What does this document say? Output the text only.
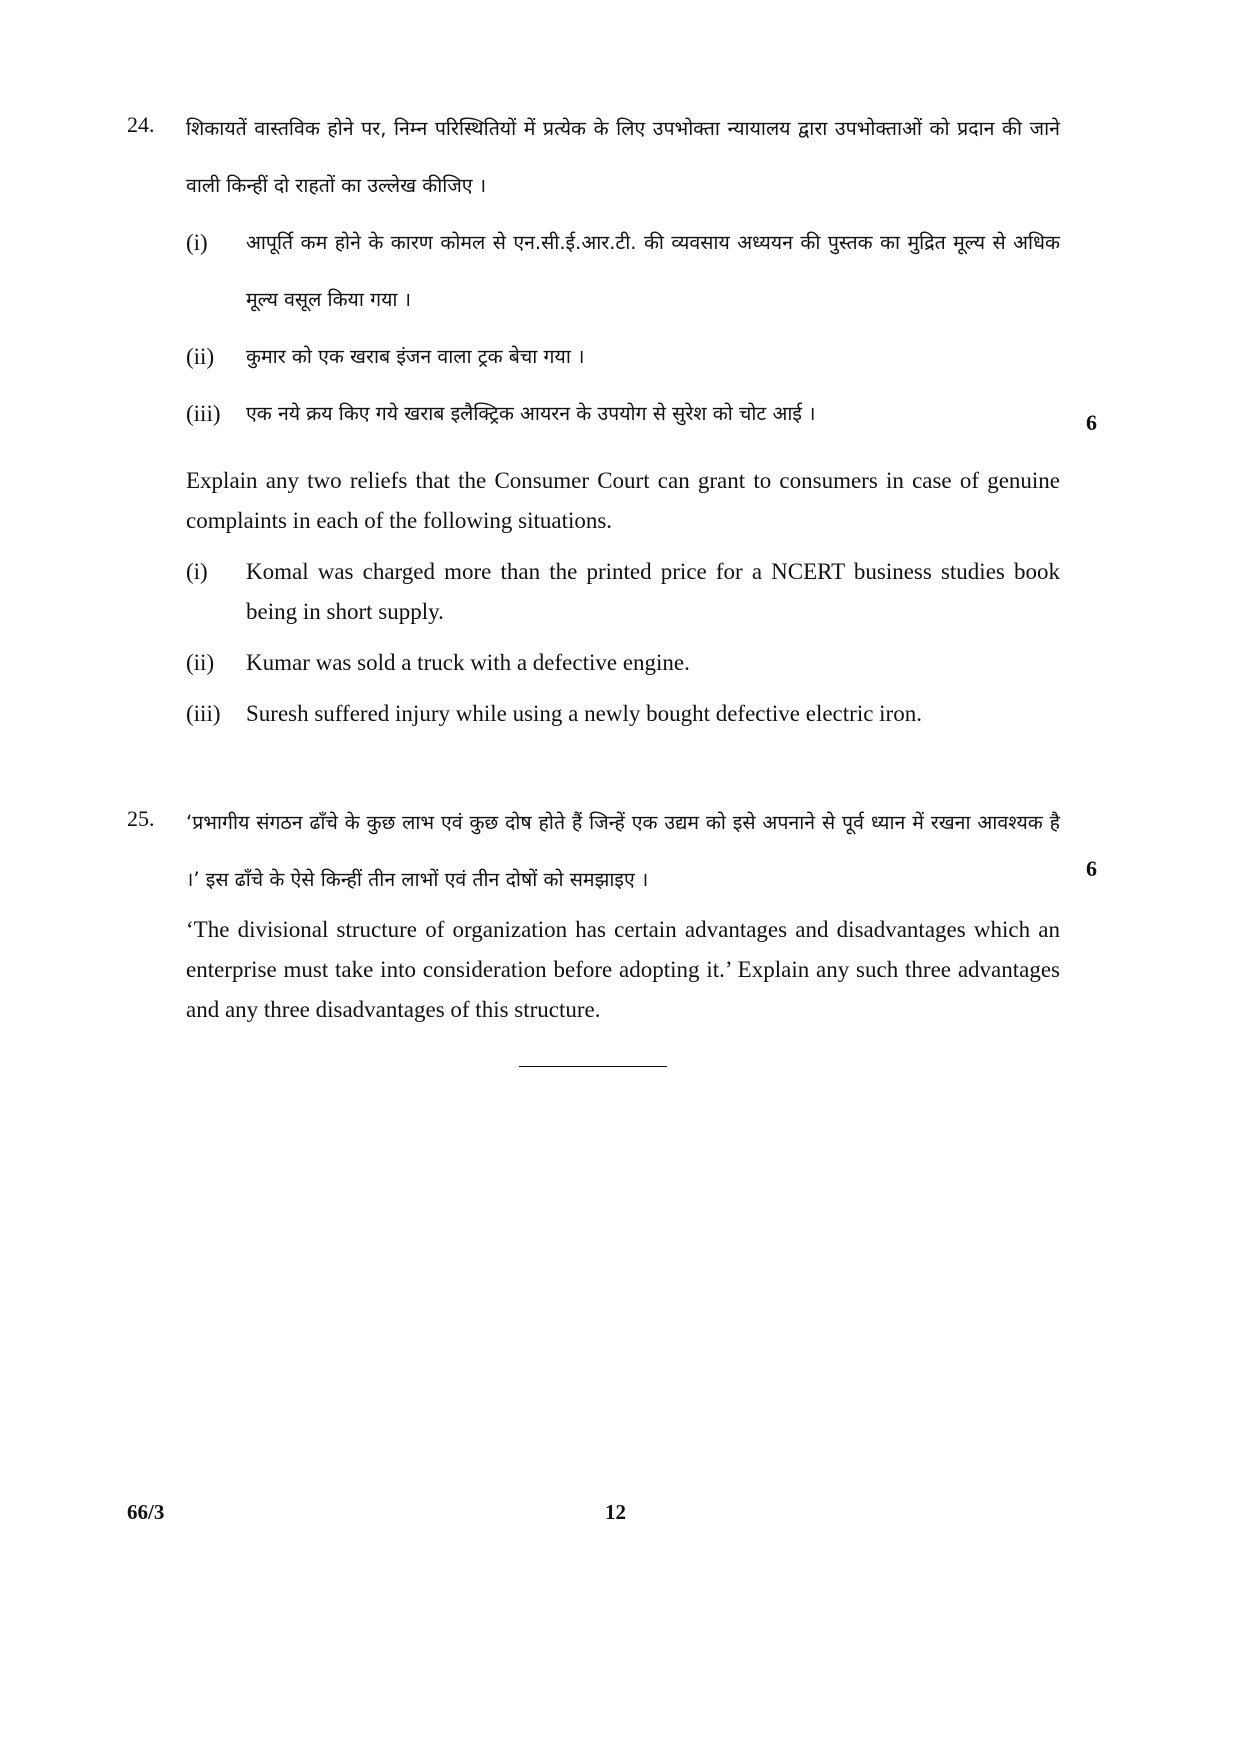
24. शिकायतें वास्तविक होने पर, निम्न परिस्थितियों में प्रत्येक के लिए उपभोक्ता न्यायालय द्वारा उपभोक्ताओं को प्रदान की जाने वाली किन्हीं दो राहतों का उल्लेख कीजिए ।

(i) आपूर्ति कम होने के कारण कोमल से एन.सी.ई.आर.टी. की व्यवसाय अध्ययन की पुस्तक का मुद्रित मूल्य से अधिक मूल्य वसूल किया गया ।

(ii) कुमार को एक खराब इंजन वाला ट्रक बेचा गया ।

(iii) एक नये क्रय किए गये खराब इलैक्ट्रिक आयरन के उपयोग से सुरेश को चोट आई ।	6

Explain any two reliefs that the Consumer Court can grant to consumers in case of genuine complaints in each of the following situations.

(i) Komal was charged more than the printed price for a NCERT business studies book being in short supply.

(ii) Kumar was sold a truck with a defective engine.

(iii) Suresh suffered injury while using a newly bought defective electric iron.

25. ‘प्रभागीय संगठन ढाँचे के कुछ लाभ एवं कुछ दोष होते हैं जिन्हें एक उद्यम को इसे अपनाने से पूर्व ध्यान में रखना आवश्यक है ।’ इस ढाँचे के ऐसे किन्हीं तीन लाभों एवं तीन दोषों को समझाइए ।	6

‘The divisional structure of organization has certain advantages and disadvantages which an enterprise must take into consideration before adopting it.’ Explain any such three advantages and any three disadvantages of this structure.

66/3	12
